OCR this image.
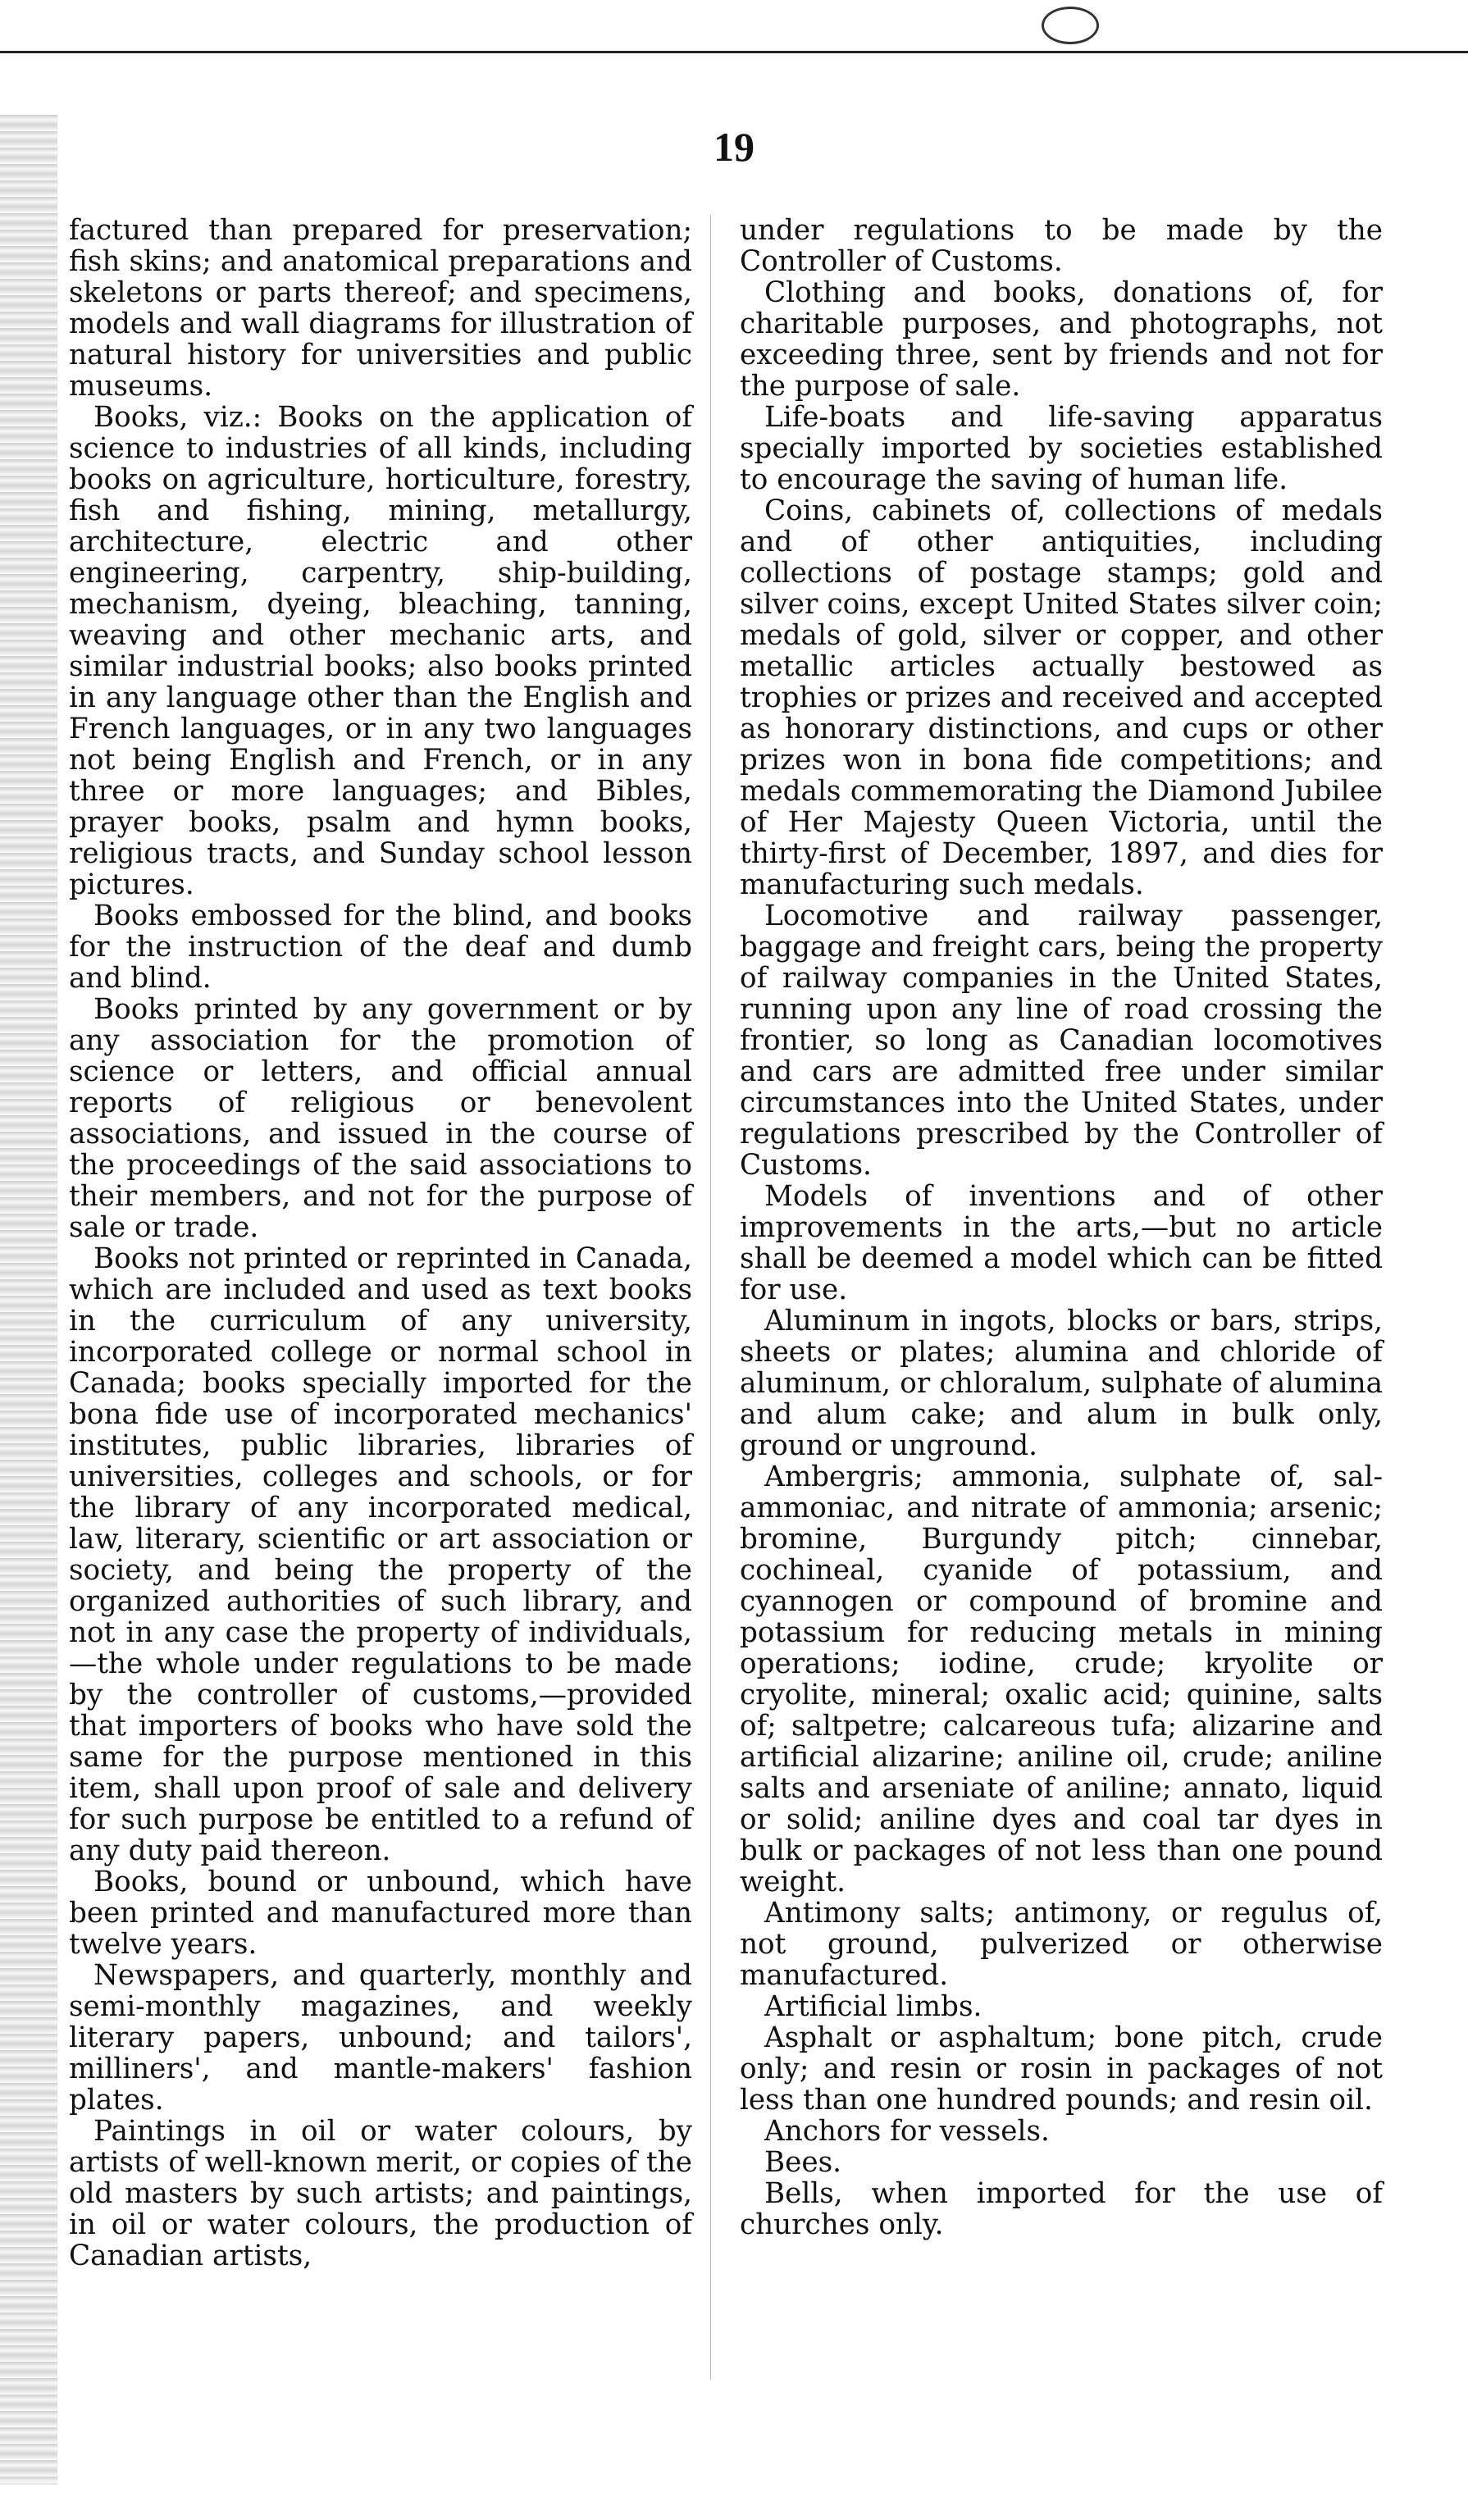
19

factured than prepared for preservation; fish skins; and anatomical preparations and skeletons or parts thereof; and specimens, models and wall diagrams for illustration of natural history for universities and public museums.

Books, viz.: Books on the application of science to industries of all kinds, including books on agriculture, horticulture, forestry, fish and fishing, mining, metallurgy, architecture, electric and other engineering, carpentry, ship-building, mechanism, dyeing, bleaching, tanning, weaving and other mechanic arts, and similar industrial books; also books printed in any language other than the English and French languages, or in any two languages not being English and French, or in any three or more languages; and Bibles, prayer books, psalm and hymn books, religious tracts, and Sunday school lesson pictures.

Books embossed for the blind, and books for the instruction of the deaf and dumb and blind.

Books printed by any government or by any association for the promotion of science or letters, and official annual reports of religious or benevolent associations, and issued in the course of the proceedings of the said associations to their members, and not for the purpose of sale or trade.

Books not printed or reprinted in Canada, which are included and used as text books in the curriculum of any university, incorporated college or normal school in Canada; books specially imported for the bona fide use of incorporated mechanics' institutes, public libraries, libraries of universities, colleges and schools, or for the library of any incorporated medical, law, literary, scientific or art association or society, and being the property of the organized authorities of such library, and not in any case the property of individuals,—the whole under regulations to be made by the controller of customs,—provided that importers of books who have sold the same for the purpose mentioned in this item, shall upon proof of sale and delivery for such purpose be entitled to a refund of any duty paid thereon.

Books, bound or unbound, which have been printed and manufactured more than twelve years.

Newspapers, and quarterly, monthly and semi-monthly magazines, and weekly literary papers, unbound; and tailors', milliners', and mantle-makers' fashion plates.

Paintings in oil or water colours, by artists of well-known merit, or copies of the old masters by such artists; and paintings, in oil or water colours, the production of Canadian artists,

under regulations to be made by the Controller of Customs.

Clothing and books, donations of, for charitable purposes, and photographs, not exceeding three, sent by friends and not for the purpose of sale.

Life-boats and life-saving apparatus specially imported by societies established to encourage the saving of human life.

Coins, cabinets of, collections of medals and of other antiquities, including collections of postage stamps; gold and silver coins, except United States silver coin; medals of gold, silver or copper, and other metallic articles actually bestowed as trophies or prizes and received and accepted as honorary distinctions, and cups or other prizes won in bona fide competitions; and medals commemorating the Diamond Jubilee of Her Majesty Queen Victoria, until the thirty-first of December, 1897, and dies for manufacturing such medals.

Locomotive and railway passenger, baggage and freight cars, being the property of railway companies in the United States, running upon any line of road crossing the frontier, so long as Canadian locomotives and cars are admitted free under similar circumstances into the United States, under regulations prescribed by the Controller of Customs.

Models of inventions and of other improvements in the arts,—but no article shall be deemed a model which can be fitted for use.

Aluminum in ingots, blocks or bars, strips, sheets or plates; alumina and chloride of aluminum, or chloralum, sulphate of alumina and alum cake; and alum in bulk only, ground or unground.

Ambergris; ammonia, sulphate of, sal-ammoniac, and nitrate of ammonia; arsenic; bromine, Burgundy pitch; cinnebar, cochineal, cyanide of potassium, and cyannogen or compound of bromine and potassium for reducing metals in mining operations; iodine, crude; kryolite or cryolite, mineral; oxalic acid; quinine, salts of; saltpetre; calcareous tufa; alizarine and artificial alizarine; aniline oil, crude; aniline salts and arseniate of aniline; annato, liquid or solid; aniline dyes and coal tar dyes in bulk or packages of not less than one pound weight.

Antimony salts; antimony, or regulus of, not ground, pulverized or otherwise manufactured.

Artificial limbs.

Asphalt or asphaltum; bone pitch, crude only; and resin or rosin in packages of not less than one hundred pounds; and resin oil.

Anchors for vessels.

Bees.

Bells, when imported for the use of churches only.
